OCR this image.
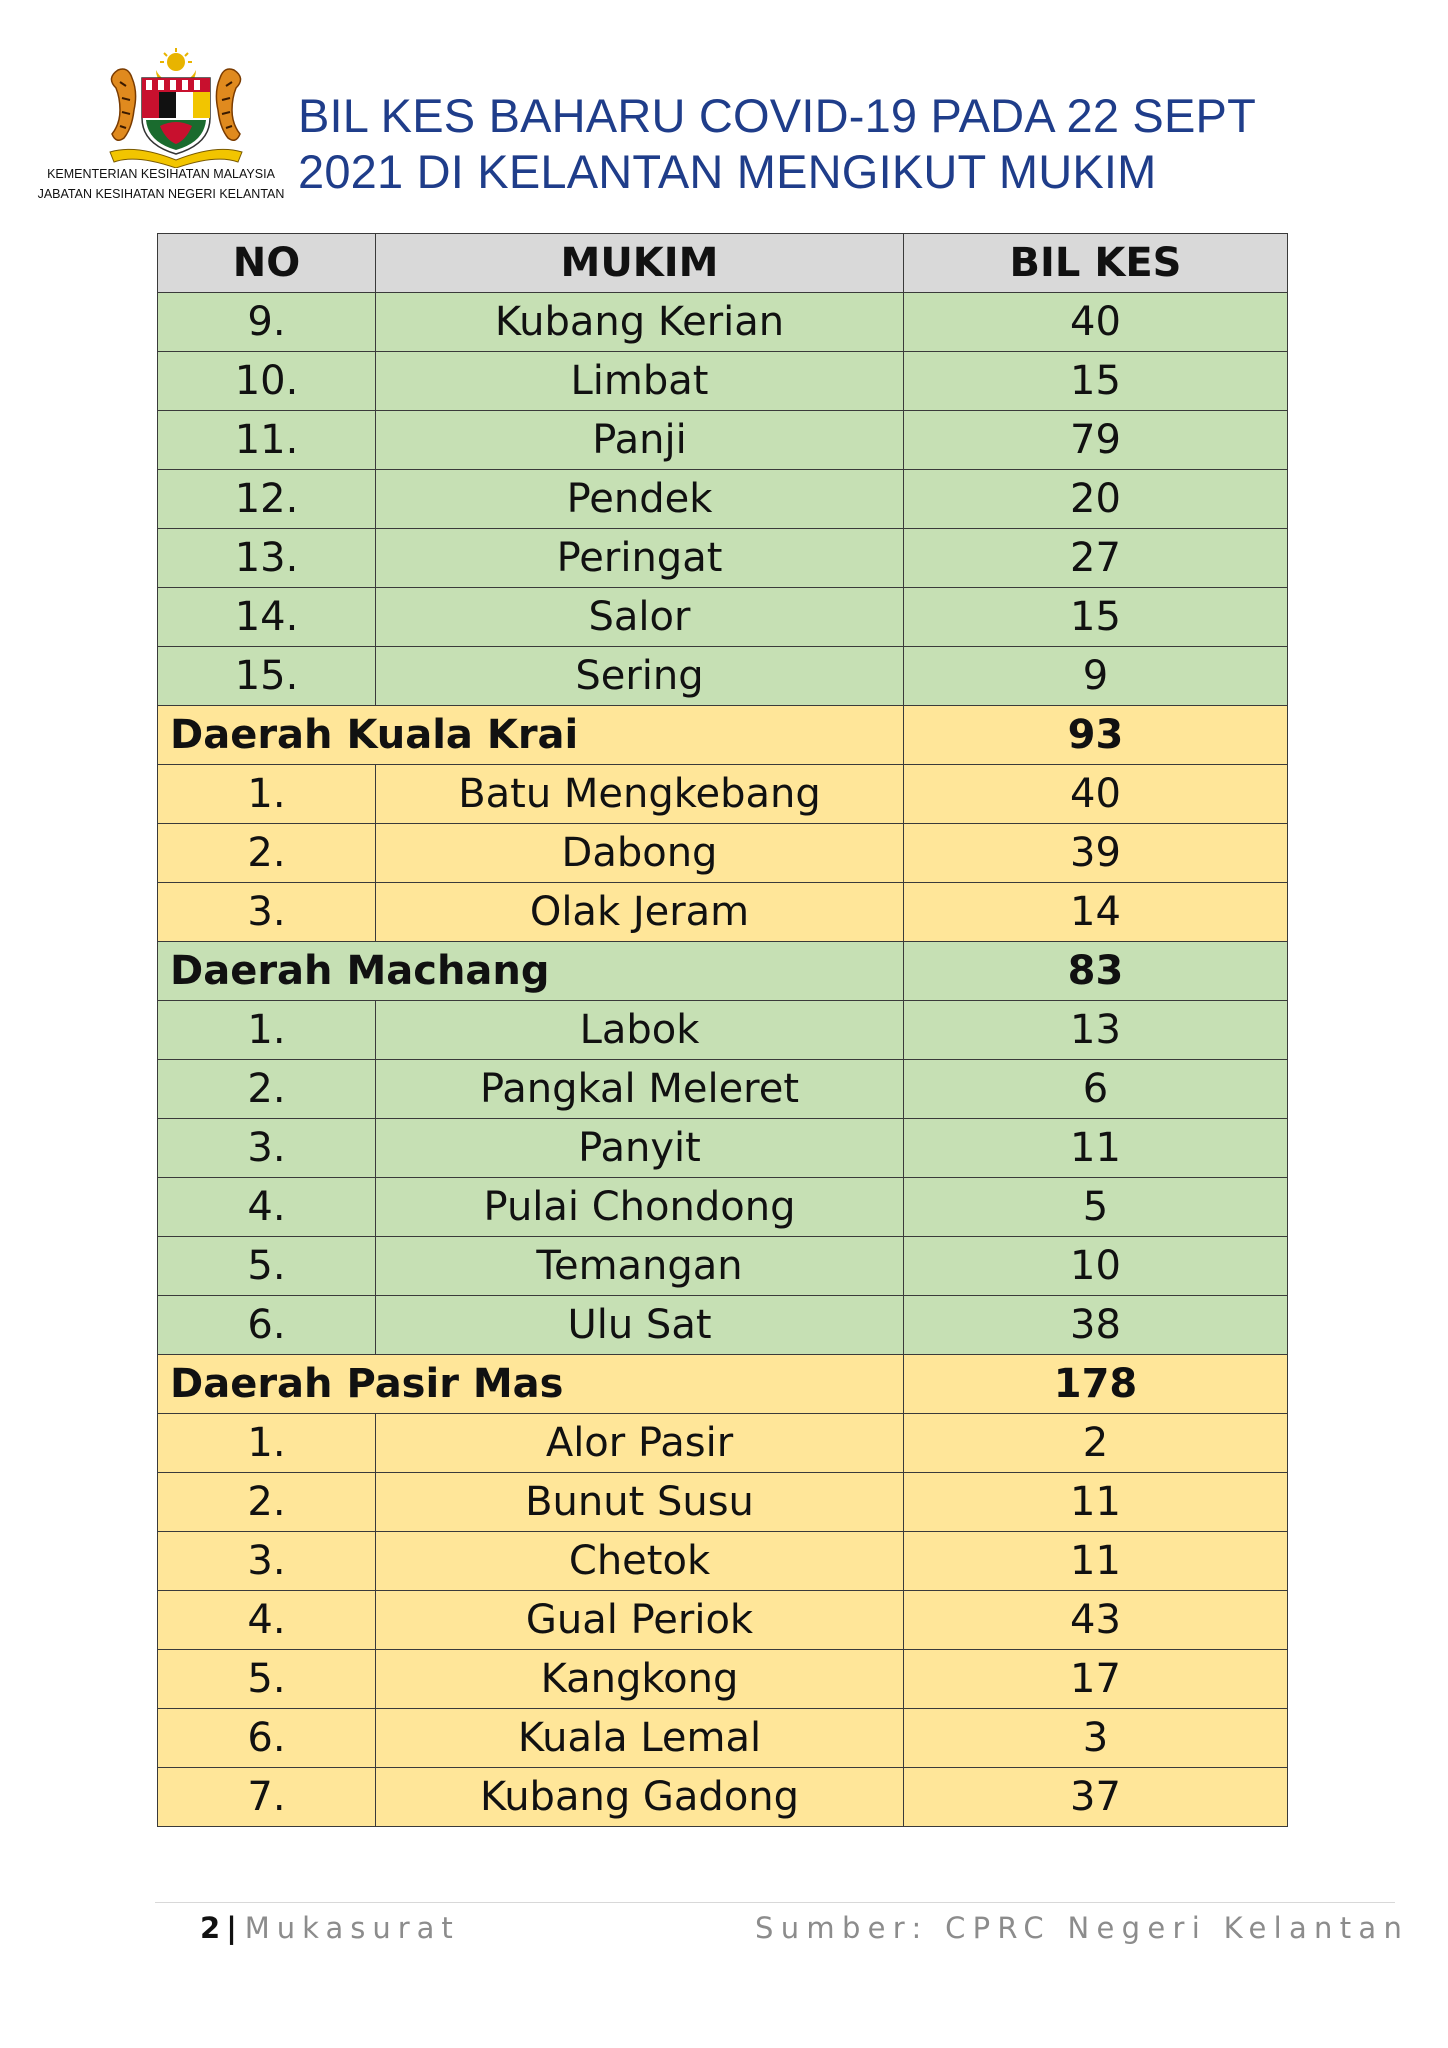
KEMENTERIAN KESIHATAN MALAYSIA
JABATAN KESIHATAN NEGERI KELANTAN
BIL KES BAHARU COVID-19 PADA 22 SEPT
2021 DI KELANTAN MENGIKUT MUKIM
NO	MUKIM	BIL KES
9.	Kubang Kerian	40
10.	Limbat	15
11.	Panji	79
12.	Pendek	20
13.	Peringat	27
14.	Salor	15
15.	Sering	9
Daerah Kuala Krai		93
1.	Batu Mengkebang	40
2.	Dabong	39
3.	Olak Jeram	14
Daerah Machang		83
1.	Labok	13
2.	Pangkal Meleret	6
3.	Panyit	11
4.	Pulai Chondong	5
5.	Temangan	10
6.	Ulu Sat	38
Daerah Pasir Mas		178
1.	Alor Pasir	2
2.	Bunut Susu	11
3.	Chetok	11
4.	Gual Periok	43
5.	Kangkong	17
6.	Kuala Lemal	3
7.	Kubang Gadong	37
2 | Mukasurat	Sumber: CPRC Negeri Kelantan
